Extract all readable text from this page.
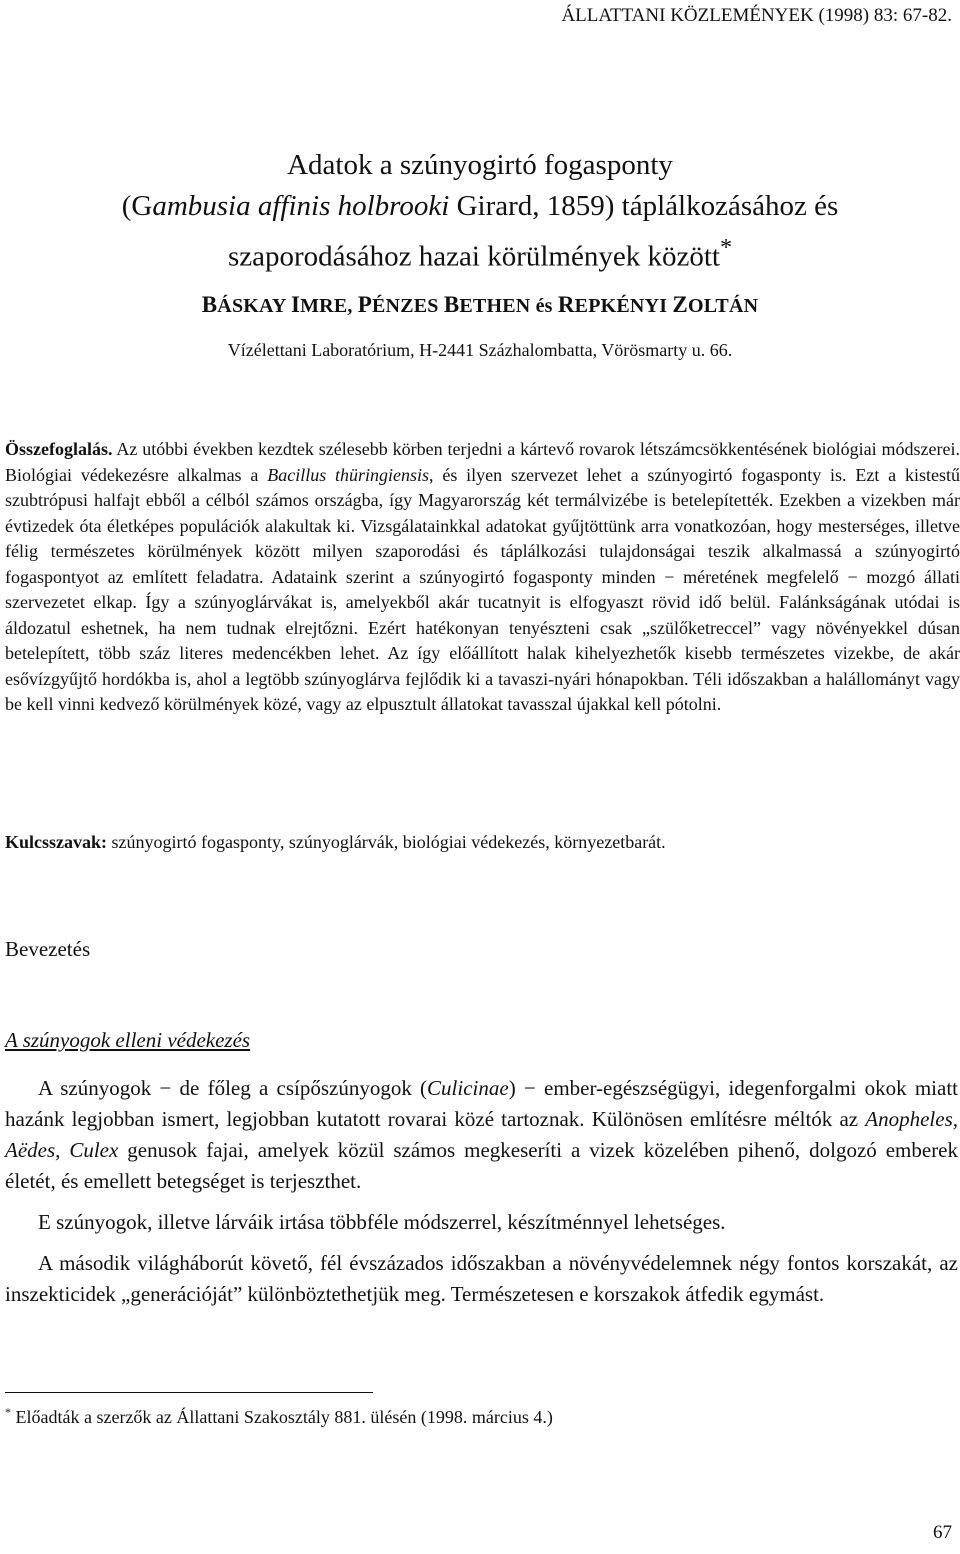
ÁLLATTANI KÖZLEMÉNYEK (1998) 83: 67-82.
Adatok a szúnyogirtó fogasponty
(Gambusia affinis holbrooki Girard, 1859) táplálkozásához és
szaporodásához hazai körülmények között*
BÁSKAY IMRE, PÉNZES BETHEN és REPKÉNYI ZOLTÁN
Vízélettani Laboratórium, H-2441 Százhalombatta, Vörösmarty u. 66.
Összefoglalás. Az utóbbi években kezdtek szélesebb körben terjedni a kártevő rovarok létszámcsökkentésének biológiai módszerei. Biológiai védekezésre alkalmas a Bacillus thüringiensis, és ilyen szervezet lehet a szúnyogirtó fogasponty is. Ezt a kistestű szubtrópusi halfajt ebből a célból számos országba, így Magyarország két termálvizébe is betelepítették. Ezekben a vizekben már évtizedek óta életképes populációk alakultak ki. Vizsgálatainkkal adatokat gyűjtöttünk arra vonatkozóan, hogy mesterséges, illetve félig természetes körülmények között milyen szaporodási és táplálkozási tulajdonságai teszik alkalmassá a szúnyogirtó fogaspontyot az említett feladatra. Adataink szerint a szúnyogirtó fogasponty minden − méretének megfelelő − mozgó állati szervezetet elkap. Így a szúnyoglárvákat is, amelyekből akár tucatnyit is elfogyaszt rövid idő belül. Falánkságának utódai is áldozatul eshetnek, ha nem tudnak elrejtőzni. Ezért hatékonyan tenyészteni csak „szülőketreccel” vagy növényekkel dúsan betelepített, több száz literes medencékben lehet. Az így előállított halak kihelyezhetők kisebb természetes vizekbe, de akár esővízgyűjtő hordókba is, ahol a legtöbb szúnyoglárva fejlődik ki a tavaszi-nyári hónapokban. Téli időszakban a halállományt vagy be kell vinni kedvező körülmények közé, vagy az elpusztult állatokat tavasszal újakkal kell pótolni.
Kulcsszavak: szúnyogirtó fogasponty, szúnyoglárvák, biológiai védekezés, környezetbarát.
Bevezetés
A szúnyogok elleni védekezés

A szúnyogok − de főleg a csípőszúnyogok (Culicinae) − ember-egészségügyi, idegenforgalmi okok miatt hazánk legjobban ismert, legjobban kutatott rovarai közé tartoznak. Különösen említésre méltók az Anopheles, Aëdes, Culex genusok fajai, amelyek közül számos megkeseríti a vizek közelében pihenő, dolgozó emberek életét, és emellett betegséget is terjeszthet.

E szúnyogok, illetve lárváik irtása többféle módszerrel, készítménnyel lehetséges.

A második világháborút követő, fél évszázados időszakban a növényvédelemnek négy fontos korszakát, az inszekticidek „generációját” különböztethetjük meg. Természetesen e korszakok átfedik egymást.

* Előadták a szerzők az Állattani Szakosztály 881. ülésén (1998. március 4.)
67
